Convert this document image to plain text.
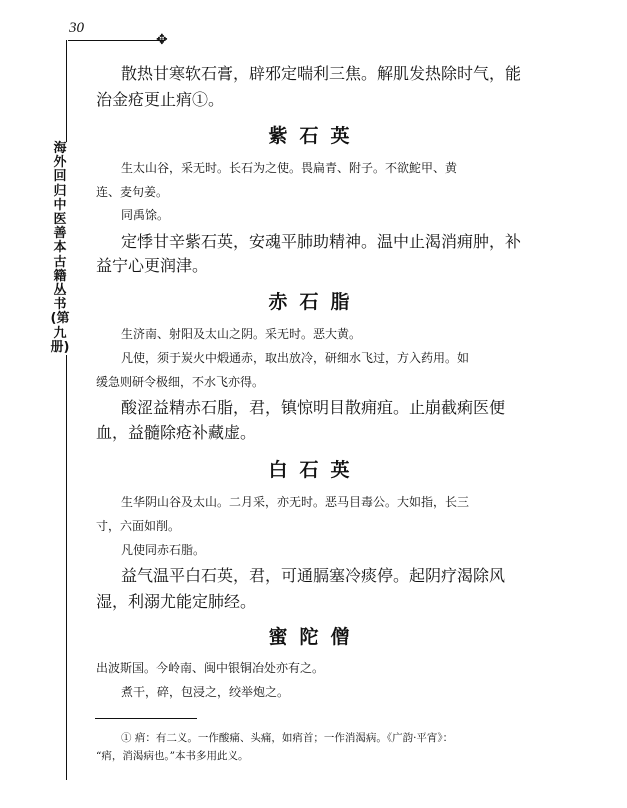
30
✥
海外回归中医善本古籍丛书(第九册)
散热甘寒软石膏，辟邪定喘利三焦。解肌发热除时气，能
治金疮更止痟①。
紫石英
生太山谷，采无时。长石为之使。畏扁青、附子。不欲鮀甲、黄
连、麦句姜。
同禹馀。
定悸甘辛紫石英，安魂平肺助精神。温中止渴消痈肿，补
益宁心更润津。
赤石脂
生济南、射阳及太山之阴。采无时。恶大黄。
凡使，须于炭火中煅通赤，取出放冷，研细水飞过，方入药用。如
缓急则研令极细，不水飞亦得。
酸涩益精赤石脂，君，镇惊明目散痈疽。止崩截痢医便
血，益髓除疮补藏虚。
白石英
生华阴山谷及太山。二月采，亦无时。恶马目毒公。大如指，长三
寸，六面如削。
凡使同赤石脂。
益气温平白石英，君，可通膈塞冷痰停。起阴疗渴除风
湿，利溺尤能定肺经。
蜜陀僧
出波斯国。今岭南、闽中银铜冶处亦有之。
煮干，碎，包浸之，绞举炮之。
① 痟：有二义。一作酸痛、头痛，如痟首；一作消渴病。《广韵·平宵》：
“痟，消渴病也。”本书多用此义。
